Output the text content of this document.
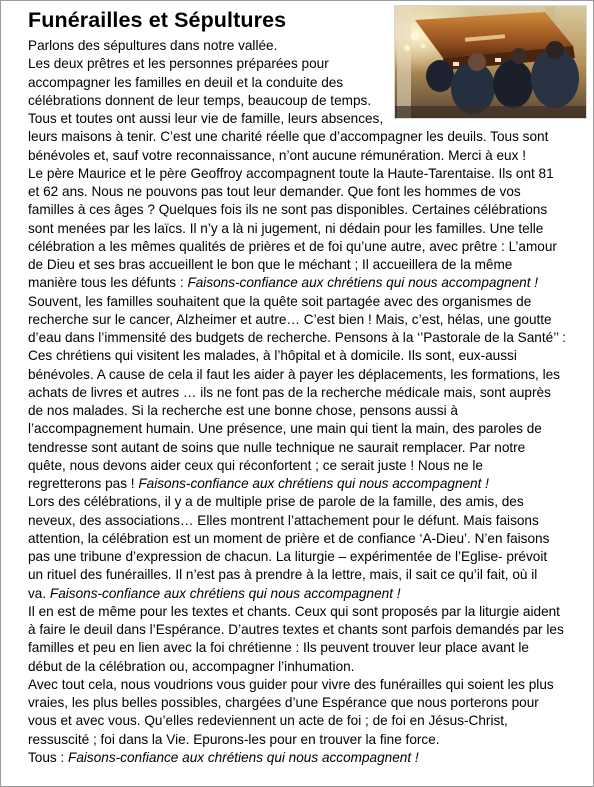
Funérailles et Sépultures

Parlons des sépultures dans notre vallée.

Les deux prêtres et les personnes préparées pour
accompagner les familles en deuil et la conduite des
célébrations donnent de leur temps, beaucoup de temps.
Tous et toutes ont aussi leur vie de famille, leurs absences,
leurs maisons à tenir. C’est une charité réelle que d’accompagner les deuils. Tous sont
bénévoles et, sauf votre reconnaissance, n’ont aucune rémunération. Merci à eux !

Le père Maurice et le père Geoffroy accompagnent toute la Haute-Tarentaise. Ils ont 81
et 62 ans. Nous ne pouvons pas tout leur demander. Que font les hommes de vos
familles à ces âges ? Quelques fois ils ne sont pas disponibles. Certaines célébrations
sont menées par les laïcs. Il n’y a là ni jugement, ni dédain pour les familles. Une telle
célébration a les mêmes qualités de prières et de foi qu’une autre, avec prêtre : L’amour
de Dieu et ses bras accueillent le bon que le méchant ; Il accueillera de la même
manière tous les défunts : Faisons-confiance aux chrétiens qui nous accompagnent !

Souvent, les familles souhaitent que la quête soit partagée avec des organismes de
recherche sur le cancer, Alzheimer et autre… C’est bien ! Mais, c’est, hélas, une goutte
d’eau dans l’immensité des budgets de recherche. Pensons à la ‘’Pastorale de la Santé’’ :
Ces chrétiens qui visitent les malades, à l’hôpital et à domicile. Ils sont, eux-aussi
bénévoles. A cause de cela il faut les aider à payer les déplacements, les formations, les
achats de livres et autres … ils ne font pas de la recherche médicale mais, sont auprès
de nos malades. Si la recherche est une bonne chose, pensons aussi à
l’accompagnement humain. Une présence, une main qui tient la main, des paroles de
tendresse sont autant de soins que nulle technique ne saurait remplacer. Par notre
quête, nous devons aider ceux qui réconfortent ; ce serait juste ! Nous ne le
regretterons pas ! Faisons-confiance aux chrétiens qui nous accompagnent !

Lors des célébrations, il y a de multiple prise de parole de la famille, des amis, des
neveux, des associations… Elles montrent l’attachement pour le défunt. Mais faisons
attention, la célébration est un moment de prière et de confiance ‘A-Dieu’. N’en faisons
pas une tribune d’expression de chacun. La liturgie – expérimentée de l’Eglise- prévoit
un rituel des funérailles. Il n’est pas à prendre à la lettre, mais, il sait ce qu’il fait, où il
va. Faisons-confiance aux chrétiens qui nous accompagnent !

Il en est de même pour les textes et chants. Ceux qui sont proposés par la liturgie aident
à faire le deuil dans l’Espérance. D’autres textes et chants sont parfois demandés par les
familles et peu en lien avec la foi chrétienne : Ils peuvent trouver leur place avant le
début de la célébration ou, accompagner l’inhumation.

Avec tout cela, nous voudrions vous guider pour vivre des funérailles qui soient les plus
vraies, les plus belles possibles, chargées d’une Espérance que nous porterons pour
vous et avec vous. Qu’elles redeviennent un acte de foi ; de foi en Jésus-Christ,
ressuscité ; foi dans la Vie. Epurons-les pour en trouver la fine force.

Tous : Faisons-confiance aux chrétiens qui nous accompagnent !
